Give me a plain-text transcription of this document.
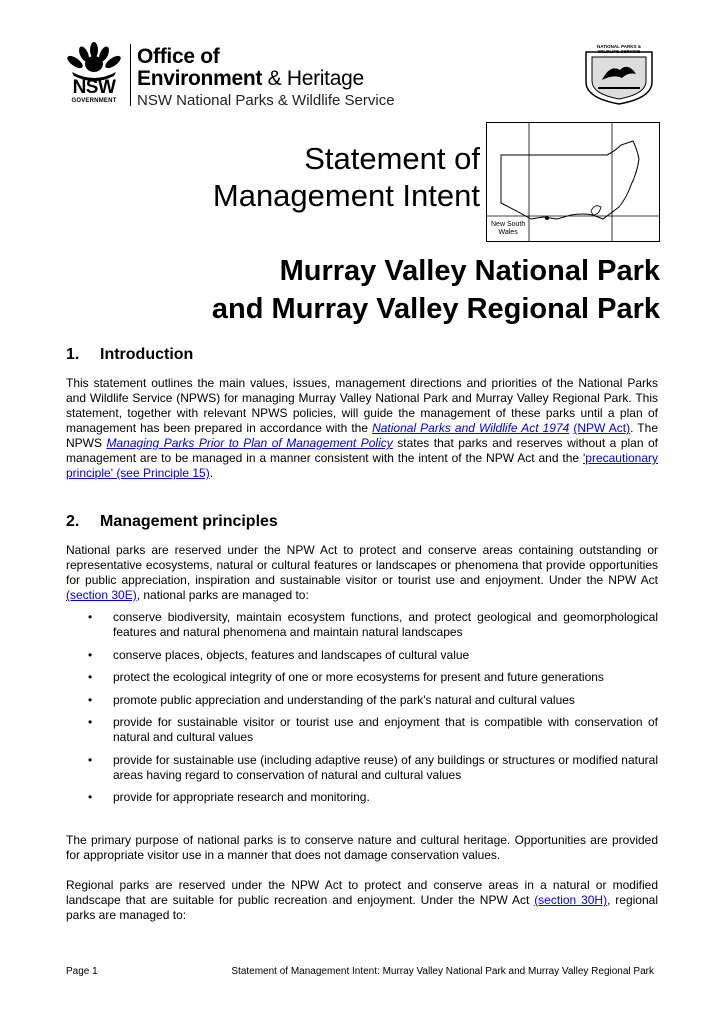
NSW
GOVERNMENT
Office of
Environment & Heritage
NSW National Parks & Wildlife Service
NATIONAL PARKS & WILDLIFE SERVICE
Statement of
Management Intent
New South
Wales
Murray Valley National Park
and Murray Valley Regional Park
1. Introduction
This statement outlines the main values, issues, management directions and priorities of the National Parks and Wildlife Service (NPWS) for managing Murray Valley National Park and Murray Valley Regional Park. This statement, together with relevant NPWS policies, will guide the management of these parks until a plan of management has been prepared in accordance with the National Parks and Wildlife Act 1974 (NPW Act). The NPWS Managing Parks Prior to Plan of Management Policy states that parks and reserves without a plan of management are to be managed in a manner consistent with the intent of the NPW Act and the 'precautionary principle' (see Principle 15).
2. Management principles
National parks are reserved under the NPW Act to protect and conserve areas containing outstanding or representative ecosystems, natural or cultural features or landscapes or phenomena that provide opportunities for public appreciation, inspiration and sustainable visitor or tourist use and enjoyment. Under the NPW Act (section 30E), national parks are managed to:
• conserve biodiversity, maintain ecosystem functions, and protect geological and geomorphological features and natural phenomena and maintain natural landscapes
• conserve places, objects, features and landscapes of cultural value
• protect the ecological integrity of one or more ecosystems for present and future generations
• promote public appreciation and understanding of the park's natural and cultural values
• provide for sustainable visitor or tourist use and enjoyment that is compatible with conservation of natural and cultural values
• provide for sustainable use (including adaptive reuse) of any buildings or structures or modified natural areas having regard to conservation of natural and cultural values
• provide for appropriate research and monitoring.
The primary purpose of national parks is to conserve nature and cultural heritage. Opportunities are provided for appropriate visitor use in a manner that does not damage conservation values.
Regional parks are reserved under the NPW Act to protect and conserve areas in a natural or modified landscape that are suitable for public recreation and enjoyment. Under the NPW Act (section 30H), regional parks are managed to:
Page 1	Statement of Management Intent: Murray Valley National Park and Murray Valley Regional Park
